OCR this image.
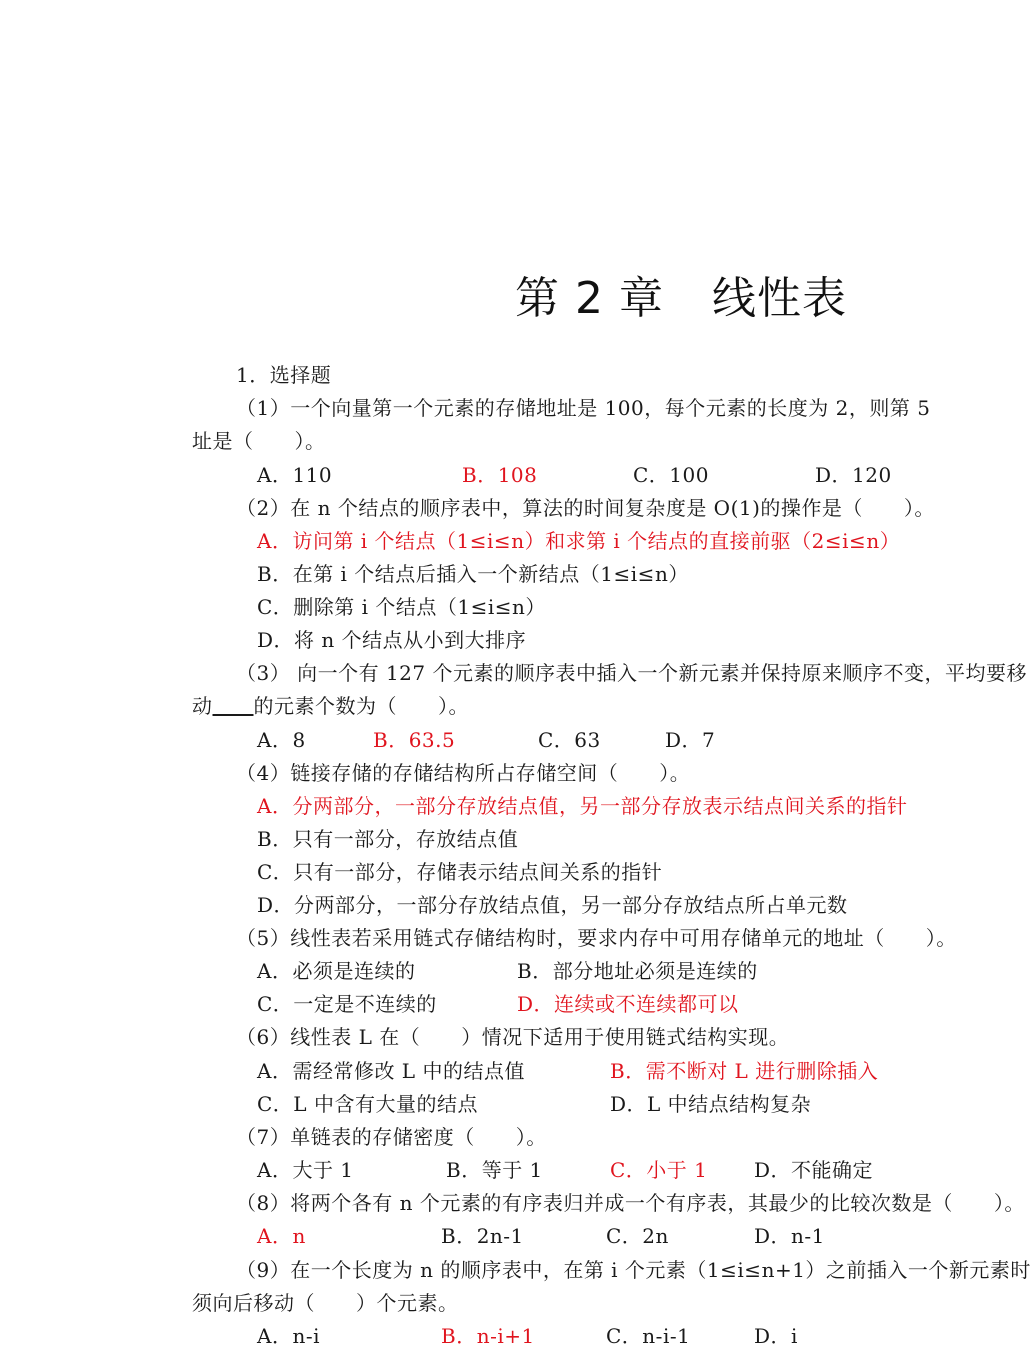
第 2 章 线性表
1．选择题
（1）一个向量第一个元素的存储地址是 100，每个元素的长度为 2，则第 5
址是（　　）。
A．110	B．108	C．100	D．120
（2）在 n 个结点的顺序表中，算法的时间复杂度是 O(1)的操作是（　　）。
A．访问第 i 个结点（1≤i≤n）和求第 i 个结点的直接前驱（2≤i≤n）
B．在第 i 个结点后插入一个新结点（1≤i≤n）
C．删除第 i 个结点（1≤i≤n）
D．将 n 个结点从小到大排序
（3） 向一个有 127 个元素的顺序表中插入一个新元素并保持原来顺序不变，平均要移
动　　 的元素个数为（　　）。
A．8	B．63.5	C．63	D．7
（4）链接存储的存储结构所占存储空间（　　）。
A．分两部分，一部分存放结点值，另一部分存放表示结点间关系的指针
B．只有一部分，存放结点值
C．只有一部分，存储表示结点间关系的指针
D．分两部分，一部分存放结点值，另一部分存放结点所占单元数
（5）线性表若采用链式存储结构时，要求内存中可用存储单元的地址（　　）。
A．必须是连续的	B．部分地址必须是连续的
C．一定是不连续的	D．连续或不连续都可以
（6）线性表 L 在（　　）情况下适用于使用链式结构实现。
A．需经常修改 L 中的结点值	B．需不断对 L 进行删除插入
C．L 中含有大量的结点	D．L 中结点结构复杂
（7）单链表的存储密度（　　）。
A．大于 1	B．等于 1	C．小于 1 D．不能确定
（8）将两个各有 n 个元素的有序表归并成一个有序表，其最少的比较次数是（　　）。
A．n	B．2n-1	C．2n	D．n-1
（9）在一个长度为 n 的顺序表中，在第 i 个元素（1≤i≤n+1）之前插入一个新元素时
须向后移动（　　）个元素。
A．n-i	B．n-i+1	C．n-i-1	D．i
